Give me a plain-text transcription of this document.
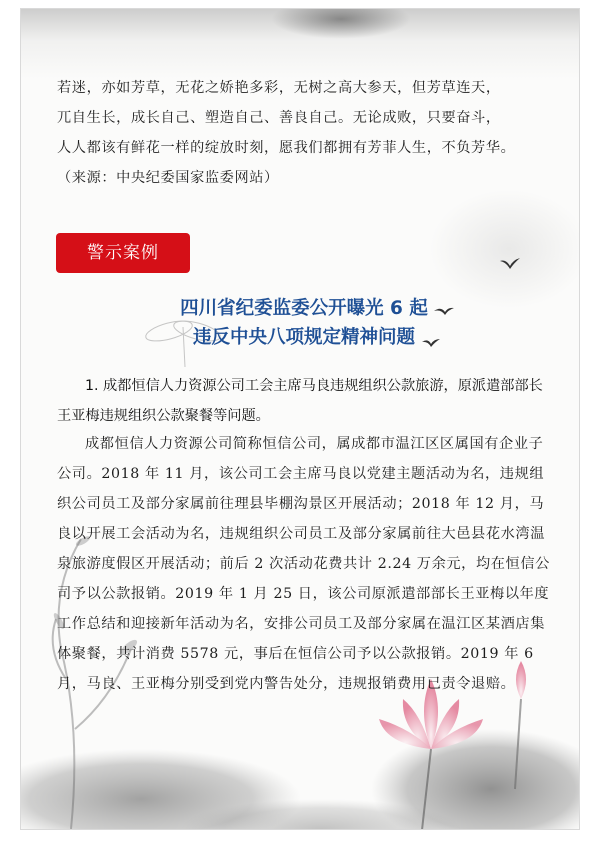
若迷，亦如芳草，无花之娇艳多彩，无树之高大参天，但芳草连天，

兀自生长，成长自己、塑造自己、善良自己。无论成败，只要奋斗，

人人都该有鲜花一样的绽放时刻，愿我们都拥有芳菲人生，不负芳华。

（来源：中央纪委国家监委网站）

警示案例
四川省纪委监委公开曝光 6 起
违反中央八项规定精神问题

1. 成都恒信人力资源公司工会主席马良违规组织公款旅游，原派遣部部长王亚梅违规组织公款聚餐等问题。

成都恒信人力资源公司简称恒信公司，属成都市温江区区属国有企业子公司。2018 年 11 月，该公司工会主席马良以党建主题活动为名，违规组织公司员工及部分家属前往理县毕棚沟景区开展活动；2018 年 12 月，马良以开展工会活动为名，违规组织公司员工及部分家属前往大邑县花水湾温泉旅游度假区开展活动；前后 2 次活动花费共计 2.24 万余元，均在恒信公司予以公款报销。2019 年 1 月 25 日，该公司原派遣部部长王亚梅以年度工作总结和迎接新年活动为名，安排公司员工及部分家属在温江区某酒店集体聚餐，共计消费 5578 元，事后在恒信公司予以公款报销。2019 年 6 月，马良、王亚梅分别受到党内警告处分，违规报销费用已责令退赔。
